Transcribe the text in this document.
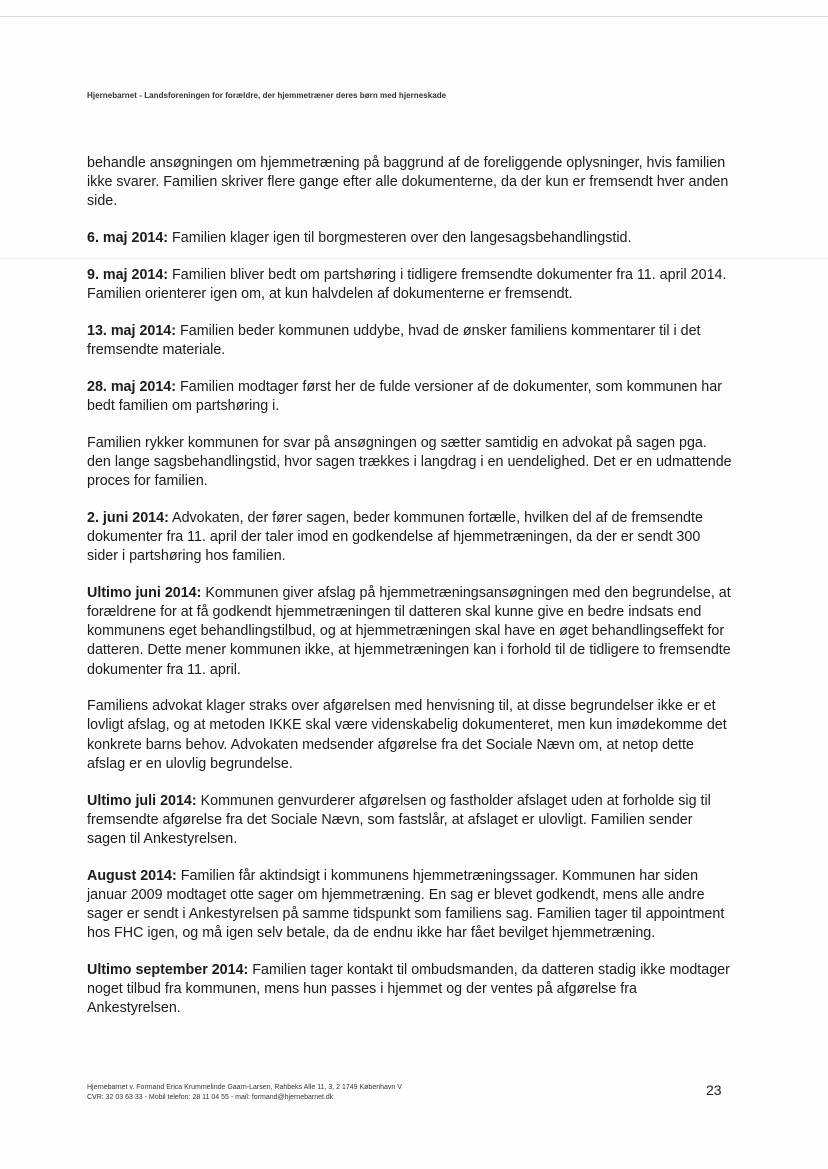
Hjernebarnet - Landsforeningen for forældre, der hjemmetræner deres børn med hjerneskade

behandle ansøgningen om hjemmetræning på baggrund af de foreliggende oplysninger, hvis familien ikke svarer. Familien skriver flere gange efter alle dokumenterne, da der kun er fremsendt hver anden side.

6. maj 2014: Familien klager igen til borgmesteren over den langesagsbehandlingstid.

9. maj 2014: Familien bliver bedt om partshøring i tidligere fremsendte dokumenter fra 11. april 2014. Familien orienterer igen om, at kun halvdelen af dokumenterne er fremsendt.

13. maj 2014: Familien beder kommunen uddybe, hvad de ønsker familiens kommentarer til i det fremsendte materiale.

28. maj 2014: Familien modtager først her de fulde versioner af de dokumenter, som kommunen har bedt familien om partshøring i.

Familien rykker kommunen for svar på ansøgningen og sætter samtidig en advokat på sagen pga. den lange sagsbehandlingstid, hvor sagen trækkes i langdrag i en uendelighed. Det er en udmattende proces for familien.

2. juni 2014: Advokaten, der fører sagen, beder kommunen fortælle, hvilken del af de fremsendte dokumenter fra 11. april der taler imod en godkendelse af hjemmetræningen, da der er sendt 300 sider i partshøring hos familien.

Ultimo juni 2014: Kommunen giver afslag på hjemmetræningsansøgningen med den begrundelse, at forældrene for at få godkendt hjemmetræningen til datteren skal kunne give en bedre indsats end kommunens eget behandlingstilbud, og at hjemmetræningen skal have en øget behandlingseffekt for datteren. Dette mener kommunen ikke, at hjemmetræningen kan i forhold til de tidligere to fremsendte dokumenter fra 11. april.

Familiens advokat klager straks over afgørelsen med henvisning til, at disse begrundelser ikke er et lovligt afslag, og at metoden IKKE skal være videnskabelig dokumenteret, men kun imødekomme det konkrete barns behov. Advokaten medsender afgørelse fra det Sociale Nævn om, at netop dette afslag er en ulovlig begrundelse.

Ultimo juli 2014: Kommunen genvurderer afgørelsen og fastholder afslaget uden at forholde sig til fremsendte afgørelse fra det Sociale Nævn, som fastslår, at afslaget er ulovligt. Familien sender sagen til Ankestyrelsen.

August 2014: Familien får aktindsigt i kommunens hjemmetræningssager. Kommunen har siden januar 2009 modtaget otte sager om hjemmetræning. En sag er blevet godkendt, mens alle andre sager er sendt i Ankestyrelsen på samme tidspunkt som familiens sag. Familien tager til appointment hos FHC igen, og må igen selv betale, da de endnu ikke har fået bevilget hjemmetræning.

Ultimo september 2014: Familien tager kontakt til ombudsmanden, da datteren stadig ikke modtager noget tilbud fra kommunen, mens hun passes i hjemmet og der ventes på afgørelse fra Ankestyrelsen.

Hjernebarnet v. Formand Erica Krummelinde Gaarn-Larsen, Rahbeks Alle 11, 3, 2 1749 København V
CVR: 32 03 63 33 - Mobil telefon: 28 11 04 55 - mail: formand@hjernebarnet.dk	23
